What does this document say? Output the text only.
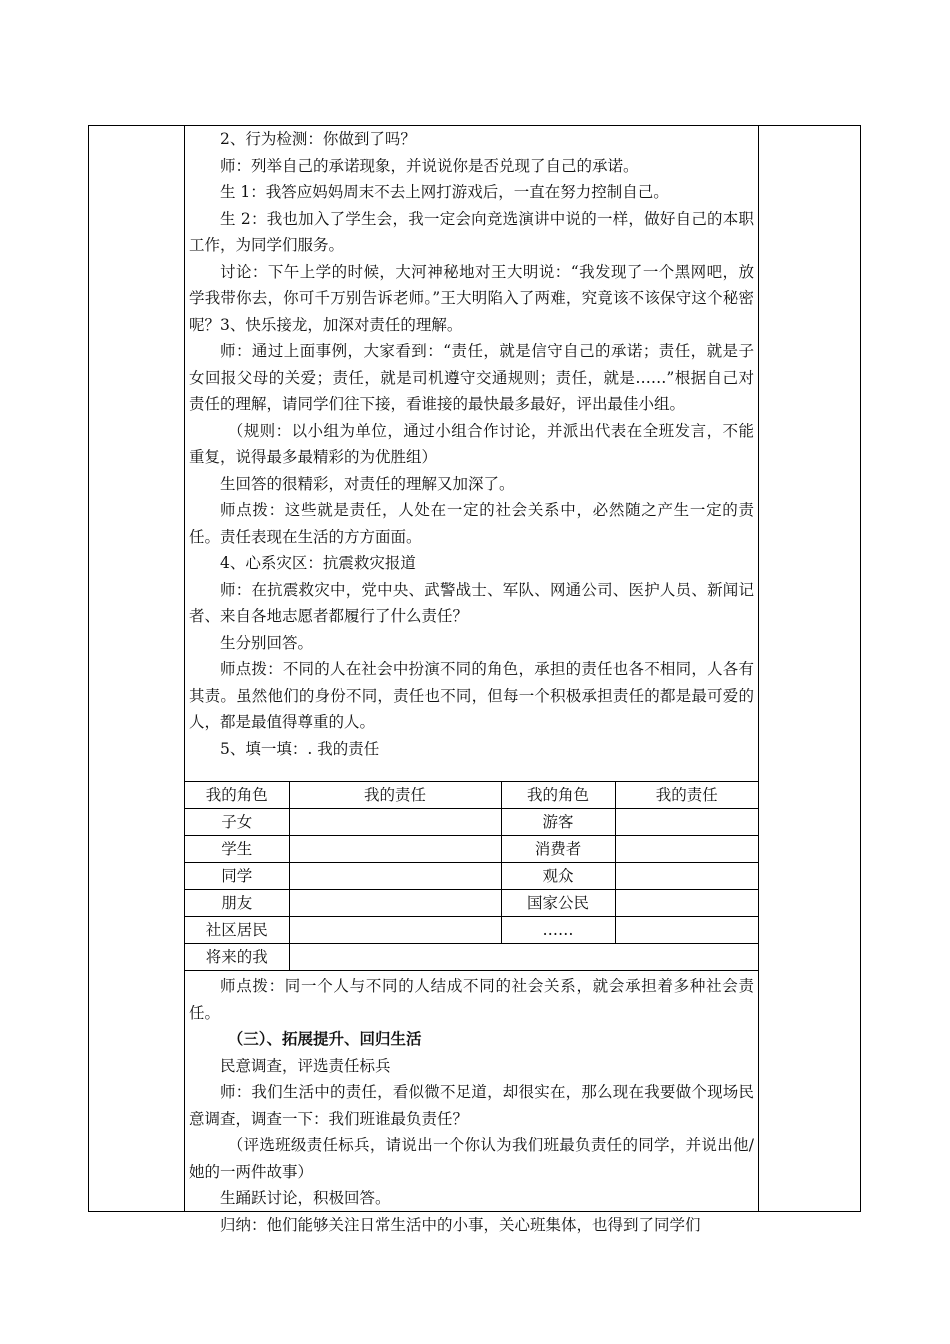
2、行为检测：你做到了吗？

师：列举自己的承诺现象，并说说你是否兑现了自己的承诺。

生 1：我答应妈妈周末不去上网打游戏后，一直在努力控制自己。

生 2：我也加入了学生会，我一定会向竞选演讲中说的一样，做好自己的本职工作，为同学们服务。

讨论：下午上学的时候，大河神秘地对王大明说：“我发现了一个黑网吧，放学我带你去，你可千万别告诉老师。”王大明陷入了两难，究竟该不该保守这个秘密呢？3、快乐接龙，加深对责任的理解。

师：通过上面事例，大家看到：“责任，就是信守自己的承诺；责任，就是子女回报父母的关爱；责任，就是司机遵守交通规则；责任，就是……”根据自己对责任的理解，请同学们往下接，看谁接的最快最多最好，评出最佳小组。

（规则：以小组为单位，通过小组合作讨论，并派出代表在全班发言，不能重复，说得最多最精彩的为优胜组）

生回答的很精彩，对责任的理解又加深了。

师点拨：这些就是责任，人处在一定的社会关系中，必然随之产生一定的责任。责任表现在生活的方方面面。

4、心系灾区：抗震救灾报道

师：在抗震救灾中，党中央、武警战士、军队、网通公司、医护人员、新闻记者、来自各地志愿者都履行了什么责任？

生分别回答。

师点拨：不同的人在社会中扮演不同的角色，承担的责任也各不相同，人各有其责。虽然他们的身份不同，责任也不同，但每一个积极承担责任的都是最可爱的人，都是最值得尊重的人。

5、填一填：. 我的责任

我的角色	我的责任	我的角色	我的责任
子女		游客	
学生		消费者	
同学		观众	
朋友		国家公民	
社区居民		……	
将来的我			

师点拨：同一个人与不同的人结成不同的社会关系，就会承担着多种社会责任。

（三）、拓展提升、回归生活

民意调查，评选责任标兵

师：我们生活中的责任，看似微不足道，却很实在，那么现在我要做个现场民意调查，调查一下：我们班谁最负责任？

（评选班级责任标兵，请说出一个你认为我们班最负责任的同学，并说出他/她的一两件故事）

生踊跃讨论，积极回答。

归纳：他们能够关注日常生活中的小事，关心班集体，也得到了同学们
